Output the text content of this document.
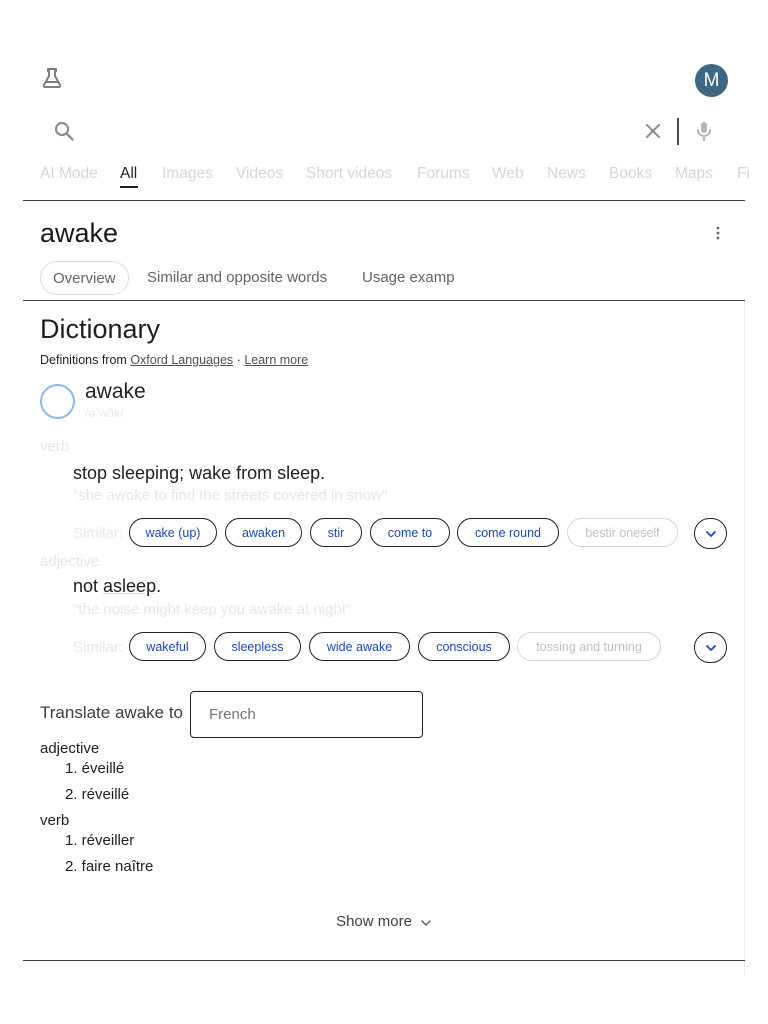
M
AI Mode All Images Videos Short videos Forums Web News Books Maps Fi
awake
Overview	Similar and opposite words Usage examp
Dictionary
Definitions from Oxford Languages · Learn more
awake
/əˈwāk/
verb
stop sleeping; wake from sleep.
"she awoke to find the streets covered in snow"
Similar:	wake (up)	awaken	stir	come to	come round	bestir oneself
adjective
not asleep.
"the noise might keep you awake at night"
Similar:	wakeful	sleepless	wide awake	conscious	tossing and turning
Translate awake to	French
adjective
1. éveillé
2. réveillé
verb
1. réveiller
2. faire naître
Show more
